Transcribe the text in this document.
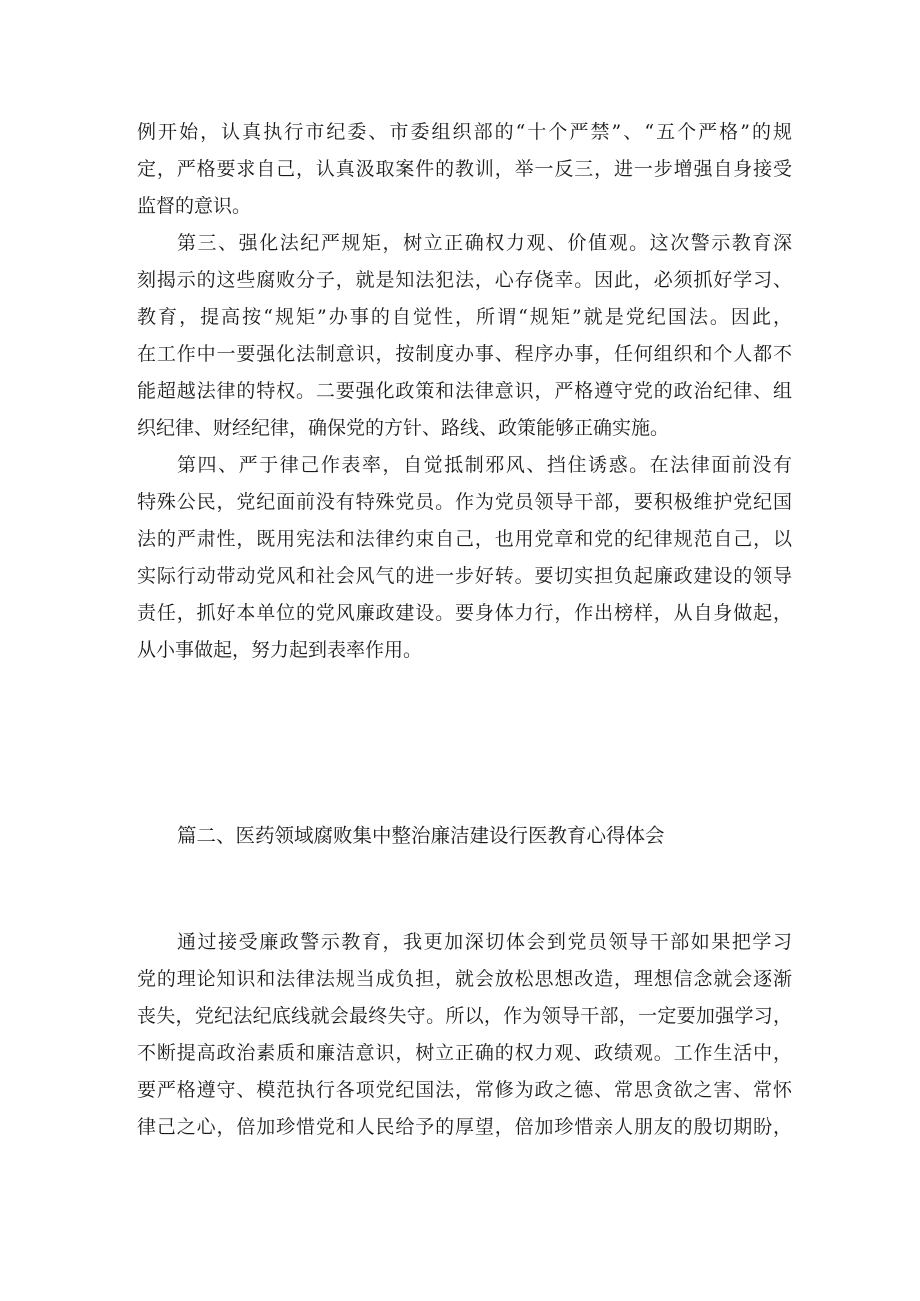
例开始，认真执行市纪委、市委组织部的“十个严禁”、“五个严格”的规
定，严格要求自己，认真汲取案件的教训，举一反三，进一步增强自身接受
监督的意识。
第三、强化法纪严规矩，树立正确权力观、价值观。这次警示教育深
刻揭示的这些腐败分子，就是知法犯法，心存侥幸。因此，必须抓好学习、
教育，提高按“规矩”办事的自觉性，所谓“规矩”就是党纪国法。因此，
在工作中一要强化法制意识，按制度办事、程序办事，任何组织和个人都不
能超越法律的特权。二要强化政策和法律意识，严格遵守党的政治纪律、组
织纪律、财经纪律，确保党的方针、路线、政策能够正确实施。
第四、严于律己作表率，自觉抵制邪风、挡住诱惑。在法律面前没有
特殊公民，党纪面前没有特殊党员。作为党员领导干部，要积极维护党纪国
法的严肃性，既用宪法和法律约束自己，也用党章和党的纪律规范自己，以
实际行动带动党风和社会风气的进一步好转。要切实担负起廉政建设的领导
责任，抓好本单位的党风廉政建设。要身体力行，作出榜样，从自身做起，
从小事做起，努力起到表率作用。
篇二、医药领域腐败集中整治廉洁建设行医教育心得体会
通过接受廉政警示教育，我更加深切体会到党员领导干部如果把学习
党的理论知识和法律法规当成负担，就会放松思想改造，理想信念就会逐渐
丧失，党纪法纪底线就会最终失守。所以，作为领导干部，一定要加强学习，
不断提高政治素质和廉洁意识，树立正确的权力观、政绩观。工作生活中，
要严格遵守、模范执行各项党纪国法，常修为政之德、常思贪欲之害、常怀
律己之心，倍加珍惜党和人民给予的厚望，倍加珍惜亲人朋友的殷切期盼，
